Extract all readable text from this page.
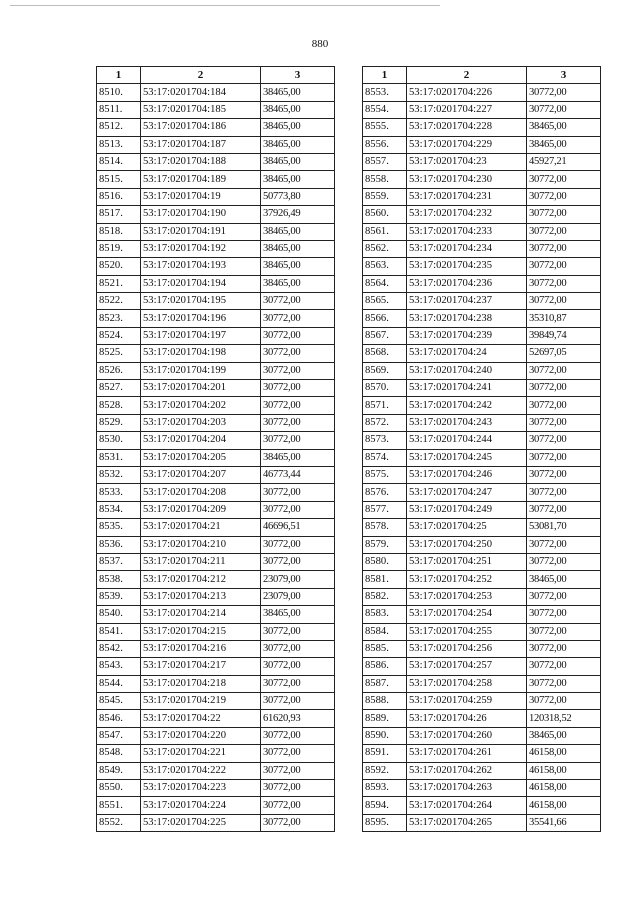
880
1	2	3
8510.	53:17:0201704:184	38465,00
8511.	53:17:0201704:185	38465,00
8512.	53:17:0201704:186	38465,00
8513.	53:17:0201704:187	38465,00
8514.	53:17:0201704:188	38465,00
8515.	53:17:0201704:189	38465,00
8516.	53:17:0201704:19	50773,80
8517.	53:17:0201704:190	37926,49
8518.	53:17:0201704:191	38465,00
8519.	53:17:0201704:192	38465,00
8520.	53:17:0201704:193	38465,00
8521.	53:17:0201704:194	38465,00
8522.	53:17:0201704:195	30772,00
8523.	53:17:0201704:196	30772,00
8524.	53:17:0201704:197	30772,00
8525.	53:17:0201704:198	30772,00
8526.	53:17:0201704:199	30772,00
8527.	53:17:0201704:201	30772,00
8528.	53:17:0201704:202	30772,00
8529.	53:17:0201704:203	30772,00
8530.	53:17:0201704:204	30772,00
8531.	53:17:0201704:205	38465,00
8532.	53:17:0201704:207	46773,44
8533.	53:17:0201704:208	30772,00
8534.	53:17:0201704:209	30772,00
8535.	53:17:0201704:21	46696,51
8536.	53:17:0201704:210	30772,00
8537.	53:17:0201704:211	30772,00
8538.	53:17:0201704:212	23079,00
8539.	53:17:0201704:213	23079,00
8540.	53:17:0201704:214	38465,00
8541.	53:17:0201704:215	30772,00
8542.	53:17:0201704:216	30772,00
8543.	53:17:0201704:217	30772,00
8544.	53:17:0201704:218	30772,00
8545.	53:17:0201704:219	30772,00
8546.	53:17:0201704:22	61620,93
8547.	53:17:0201704:220	30772,00
8548.	53:17:0201704:221	30772,00
8549.	53:17:0201704:222	30772,00
8550.	53:17:0201704:223	30772,00
8551.	53:17:0201704:224	30772,00
8552.	53:17:0201704:225	30772,00
1	2	3
8553.	53:17:0201704:226	30772,00
8554.	53:17:0201704:227	30772,00
8555.	53:17:0201704:228	38465,00
8556.	53:17:0201704:229	38465,00
8557.	53:17:0201704:23	45927,21
8558.	53:17:0201704:230	30772,00
8559.	53:17:0201704:231	30772,00
8560.	53:17:0201704:232	30772,00
8561.	53:17:0201704:233	30772,00
8562.	53:17:0201704:234	30772,00
8563.	53:17:0201704:235	30772,00
8564.	53:17:0201704:236	30772,00
8565.	53:17:0201704:237	30772,00
8566.	53:17:0201704:238	35310,87
8567.	53:17:0201704:239	39849,74
8568.	53:17:0201704:24	52697,05
8569.	53:17:0201704:240	30772,00
8570.	53:17:0201704:241	30772,00
8571.	53:17:0201704:242	30772,00
8572.	53:17:0201704:243	30772,00
8573.	53:17:0201704:244	30772,00
8574.	53:17:0201704:245	30772,00
8575.	53:17:0201704:246	30772,00
8576.	53:17:0201704:247	30772,00
8577.	53:17:0201704:249	30772,00
8578.	53:17:0201704:25	53081,70
8579.	53:17:0201704:250	30772,00
8580.	53:17:0201704:251	30772,00
8581.	53:17:0201704:252	38465,00
8582.	53:17:0201704:253	30772,00
8583.	53:17:0201704:254	30772,00
8584.	53:17:0201704:255	30772,00
8585.	53:17:0201704:256	30772,00
8586.	53:17:0201704:257	30772,00
8587.	53:17:0201704:258	30772,00
8588.	53:17:0201704:259	30772,00
8589.	53:17:0201704:26	120318,52
8590.	53:17:0201704:260	38465,00
8591.	53:17:0201704:261	46158,00
8592.	53:17:0201704:262	46158,00
8593.	53:17:0201704:263	46158,00
8594.	53:17:0201704:264	46158,00
8595.	53:17:0201704:265	35541,66
